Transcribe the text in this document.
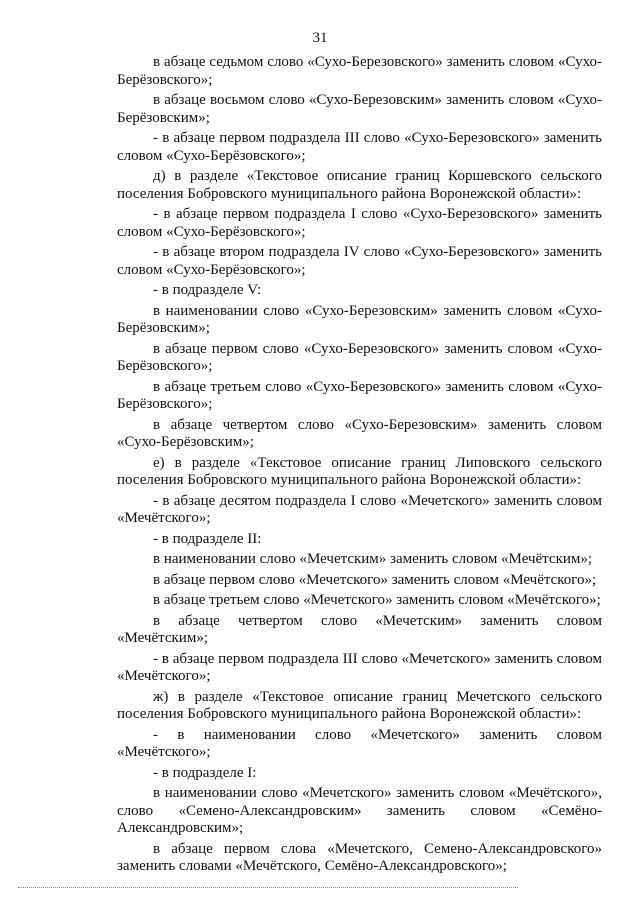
31

в абзаце седьмом слово «Сухо-Березовского» заменить словом «Сухо-Берёзовского»;

в абзаце восьмом слово «Сухо-Березовским» заменить словом «Сухо-Берёзовским»;

- в абзаце первом подраздела III слово «Сухо-Березовского» заменить словом «Сухо-Берёзовского»;

д) в разделе «Текстовое описание границ Коршевского сельского поселения Бобровского муниципального района Воронежской области»:

- в абзаце первом подраздела I слово «Сухо-Березовского» заменить словом «Сухо-Берёзовского»;

- в абзаце втором подраздела IV слово «Сухо-Березовского» заменить словом «Сухо-Берёзовского»;

- в подразделе V:

в наименовании слово «Сухо-Березовским» заменить словом «Сухо-Берёзовским»;

в абзаце первом слово «Сухо-Березовского» заменить словом «Сухо-Берёзовского»;

в абзаце третьем слово «Сухо-Березовского» заменить словом «Сухо-Берёзовского»;

в абзаце четвертом слово «Сухо-Березовским» заменить словом «Сухо-Берёзовским»;

е) в разделе «Текстовое описание границ Липовского сельского поселения Бобровского муниципального района Воронежской области»:

- в абзаце десятом подраздела I слово «Мечетского» заменить словом «Мечётского»;

- в подразделе II:

в наименовании слово «Мечетским» заменить словом «Мечётским»;

в абзаце первом слово «Мечетского» заменить словом «Мечётского»;

в абзаце третьем слово «Мечетского» заменить словом «Мечётского»;

в абзаце четвертом слово «Мечетским» заменить словом «Мечётским»;

- в абзаце первом подраздела III слово «Мечетского» заменить словом «Мечётского»;

ж) в разделе «Текстовое описание границ Мечетского сельского поселения Бобровского муниципального района Воронежской области»:

- в наименовании слово «Мечетского» заменить словом «Мечётского»;

- в подразделе I:

в наименовании слово «Мечетского» заменить словом «Мечётского», слово «Семено-Александровским» заменить словом «Семёно-Александровским»;

в абзаце первом слова «Мечетского, Семено-Александровского» заменить словами «Мечётского, Семёно-Александровского»;
